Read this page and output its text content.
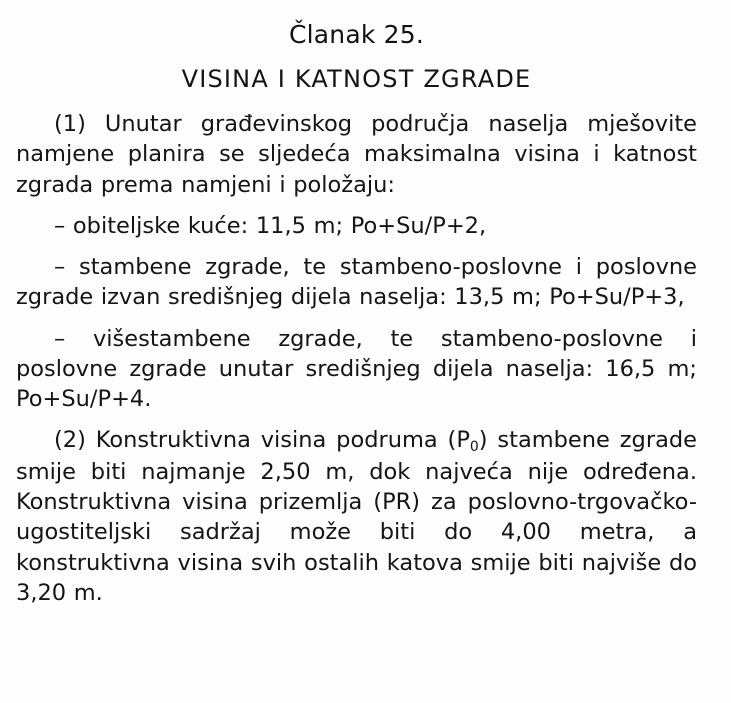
Članak 25.
VISINA I KATNOST ZGRADE

(1) Unutar građevinskog područja naselja mješovite namjene planira se sljedeća maksimalna visina i katnost zgrada prema namjeni i položaju:

– obiteljske kuće: 11,5 m; Po+Su/P+2,

– stambene zgrade, te stambeno-poslovne i poslovne zgrade izvan središnjeg dijela naselja: 13,5 m; Po+Su/P+3,

– višestambene zgrade, te stambeno-poslovne i poslovne zgrade unutar središnjeg dijela naselja: 16,5 m; Po+Su/P+4.

(2) Konstruktivna visina podruma $(P_0)$ stambene zgrade smije biti najmanje 2,50 m, dok najveća nije određena. Konstruktivna visina prizemlja (PR) za poslovno-trgovačko-ugostiteljski sadržaj može biti do 4,00 metra, a konstruktivna visina svih ostalih katova smije biti najviše do 3,20 m.
